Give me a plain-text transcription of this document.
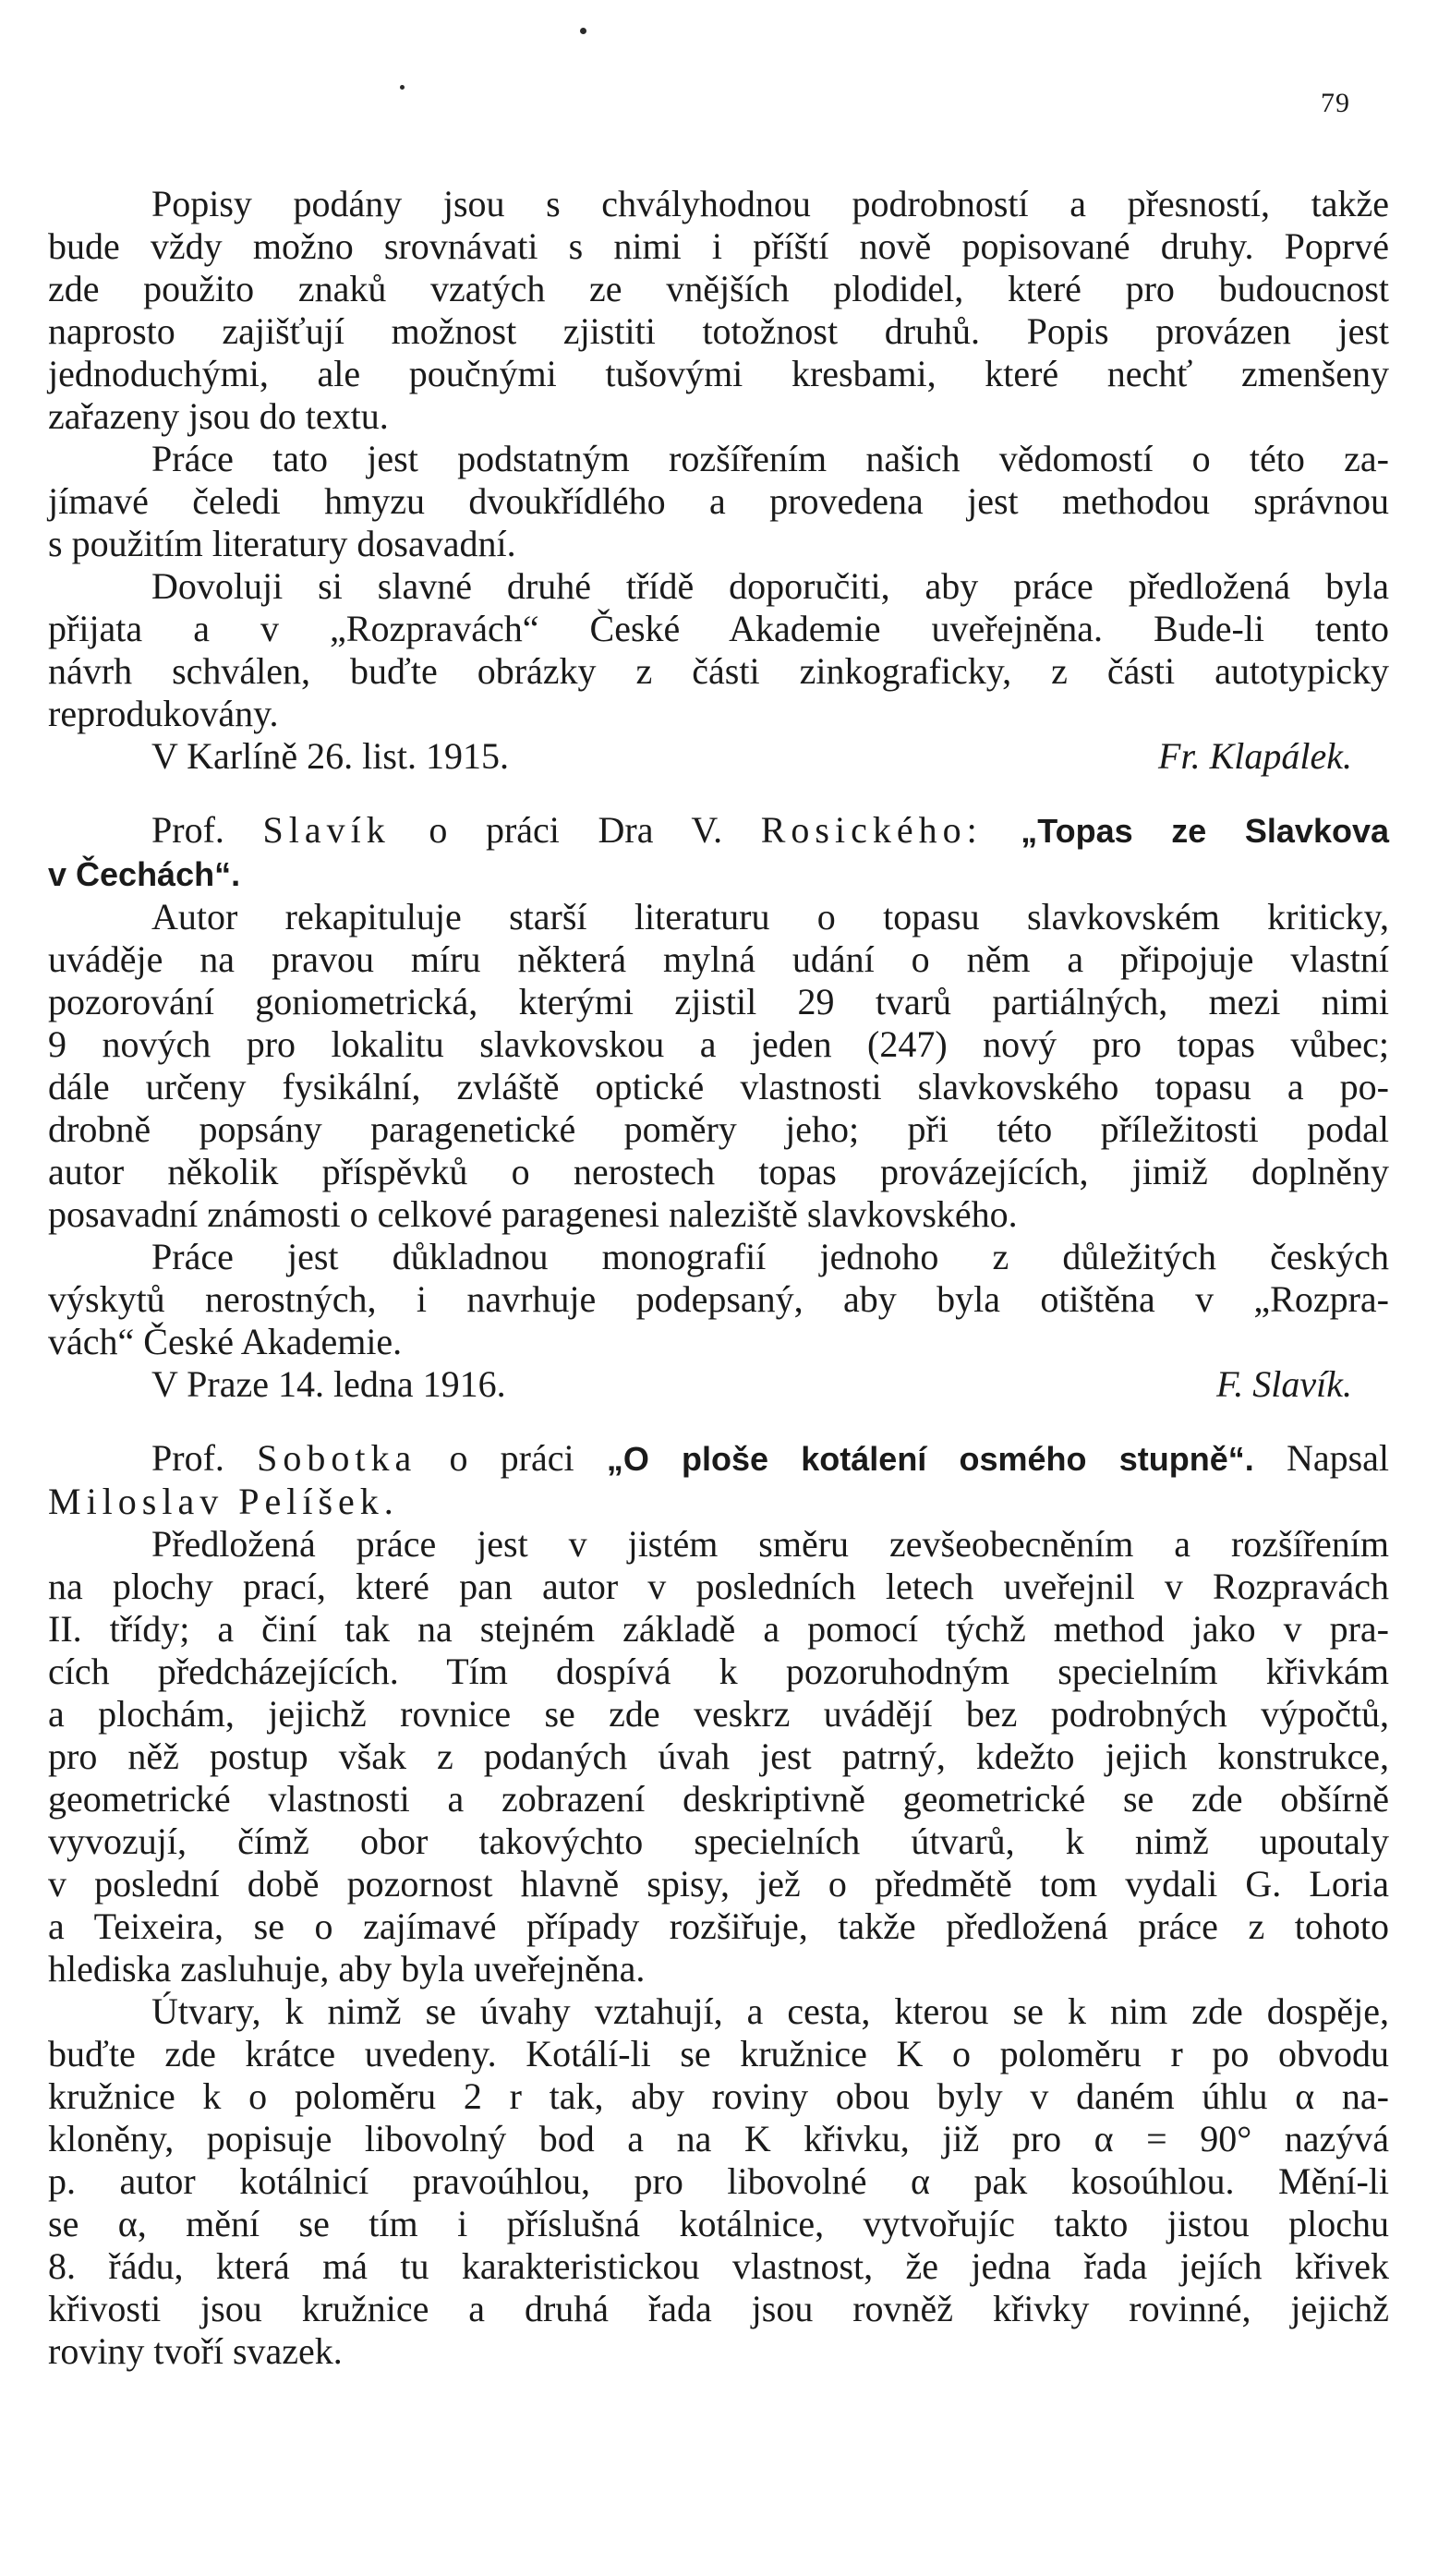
79
Popisy podány jsou s chvályhodnou podrobností a přesností, takže
bude vždy možno srovnávati s nimi i příští nově popisované druhy. Poprvé
zde použito znaků vzatých ze vnějších plodidel, které pro budoucnost
naprosto zajišťují možnost zjistiti totožnost druhů. Popis provázen jest
jednoduchými, ale poučnými tušovými kresbami, které nechť zmenšeny
zařazeny jsou do textu.
Práce tato jest podstatným rozšířením našich vědomostí o této za-
jímavé čeledi hmyzu dvoukřídlého a provedena jest methodou správnou
s použitím literatury dosavadní.
Dovoluji si slavné druhé třídě doporučiti, aby práce předložená byla
přijata a v „Rozpravách“ České Akademie uveřejněna. Bude-li tento
návrh schválen, buďte obrázky z části zinkograficky, z části autotypicky
reprodukovány.
V Karlíně 26. list. 1915.	Fr. Klapálek.
Prof. Slavík o práci Dra V. Rosického: „Topas ze Slavkova
v Čechách“.
Autor rekapituluje starší literaturu o topasu slavkovském kriticky,
uváděje na pravou míru některá mylná udání o něm a připojuje vlastní
pozorování goniometrická, kterými zjistil 29 tvarů partiálných, mezi nimi
9 nových pro lokalitu slavkovskou a jeden (247) nový pro topas vůbec;
dále určeny fysikální, zvláště optické vlastnosti slavkovského topasu a po-
drobně popsány paragenetické poměry jeho; při této příležitosti podal
autor několik příspěvků o nerostech topas provázejících, jimiž doplněny
posavadní známosti o celkové paragenesi naleziště slavkovského.
Práce jest důkladnou monografií jednoho z důležitých českých
výskytů nerostných, i navrhuje podepsaný, aby byla otištěna v „Rozpra-
vách“ České Akademie.
V Praze 14. ledna 1916.	F. Slavík.
Prof. Sobotka o práci „O ploše kotálení osmého stupně“. Napsal
Miloslav Pelíšek.
Předložená práce jest v jistém směru zevšeobecněním a rozšířením
na plochy prací, které pan autor v posledních letech uveřejnil v Rozpravách
II. třídy; a činí tak na stejném základě a pomocí týchž method jako v pra-
cích předcházejících. Tím dospívá k pozoruhodným specielním křivkám
a plochám, jejichž rovnice se zde veskrz uvádějí bez podrobných výpočtů,
pro něž postup však z podaných úvah jest patrný, kdežto jejich konstrukce,
geometrické vlastnosti a zobrazení deskriptivně geometrické se zde obšírně
vyvozují, čímž obor takovýchto specielních útvarů, k nimž upoutaly
v poslední době pozornost hlavně spisy, jež o předmětě tom vydali G. Loria
a Teixeira, se o zajímavé případy rozšiřuje, takže předložená práce z tohoto
hlediska zasluhuje, aby byla uveřejněna.
Útvary, k nimž se úvahy vztahují, a cesta, kterou se k nim zde dospěje,
buďte zde krátce uvedeny. Kotálí-li se kružnice K o poloměru r po obvodu
kružnice k o poloměru 2 r tak, aby roviny obou byly v daném úhlu α na-
kloněny, popisuje libovolný bod a na K křivku, již pro α = 90° nazývá
p. autor kotálnicí pravoúhlou, pro libovolné α pak kosoúhlou. Mění-li
se α, mění se tím i příslušná kotálnice, vytvořujíc takto jistou plochu
8. řádu, která má tu karakteristickou vlastnost, že jedna řada jejích křivek
křivosti jsou kružnice a druhá řada jsou rovněž křivky rovinné, jejichž
roviny tvoří svazek.
